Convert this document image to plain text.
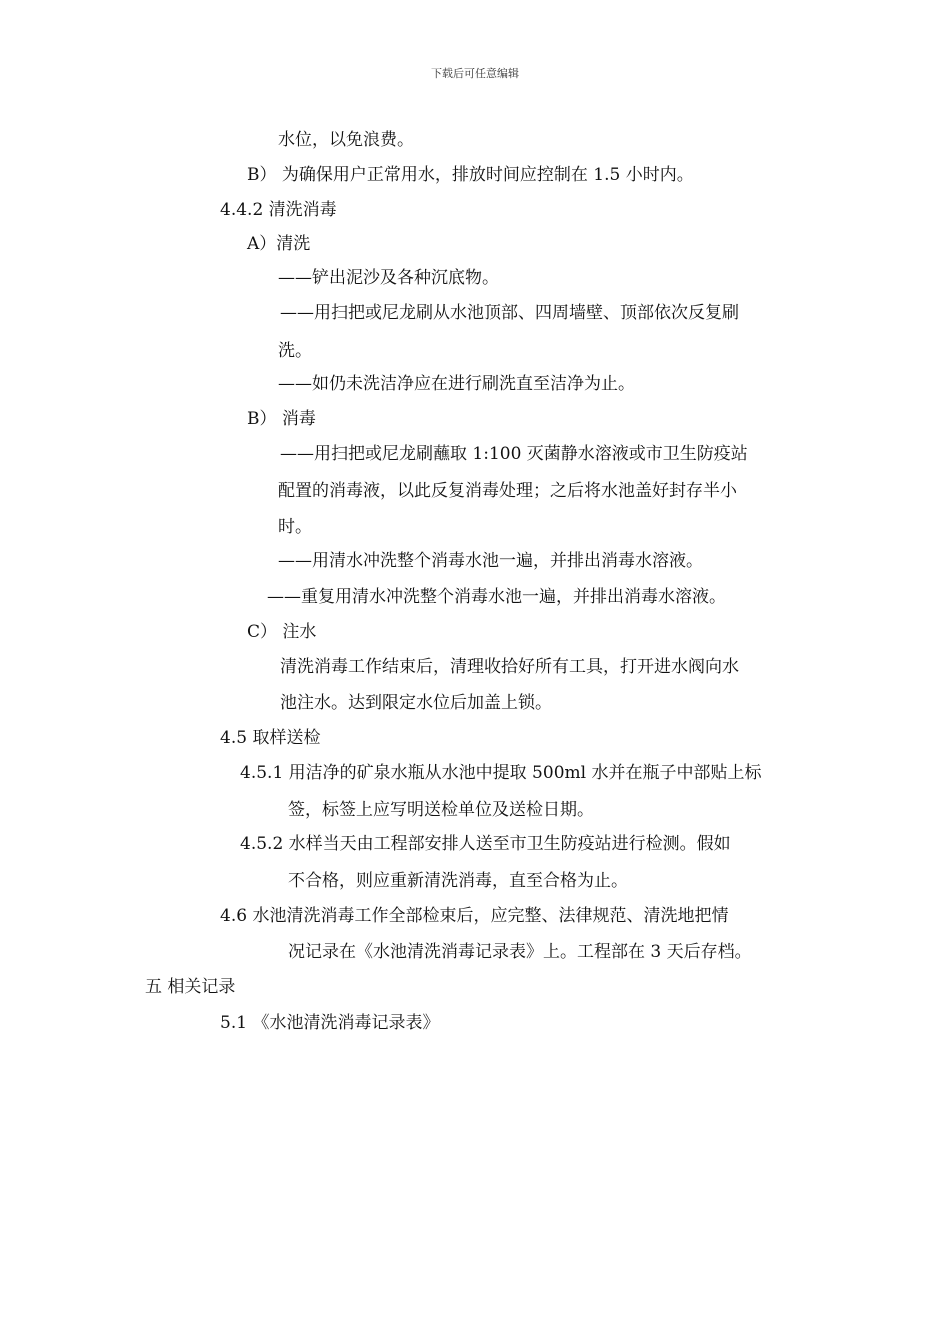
下载后可任意编辑
水位，以免浪费。
B） 为确保用户正常用水，排放时间应控制在 1.5 小时内。
4.4.2 清洗消毒
A）清洗
——铲出泥沙及各种沉底物。
——用扫把或尼龙刷从水池顶部、四周墙壁、顶部依次反复刷
洗。
——如仍未洗洁净应在进行刷洗直至洁净为止。
B） 消毒
——用扫把或尼龙刷蘸取 1:100 灭菌静水溶液或市卫生防疫站
配置的消毒液，以此反复消毒处理；之后将水池盖好封存半小
时。
——用清水冲洗整个消毒水池一遍，并排出消毒水溶液。
——重复用清水冲洗整个消毒水池一遍，并排出消毒水溶液。
C） 注水
清洗消毒工作结束后，清理收拾好所有工具，打开进水阀向水
池注水。达到限定水位后加盖上锁。
4.5 取样送检
4.5.1 用洁净的矿泉水瓶从水池中提取 500ml 水并在瓶子中部贴上标
签，标签上应写明送检单位及送检日期。
4.5.2 水样当天由工程部安排人送至市卫生防疫站进行检测。假如
不合格，则应重新清洗消毒，直至合格为止。
4.6 水池清洗消毒工作全部检束后，应完整、法律规范、清洗地把情
况记录在《水池清洗消毒记录表》上。工程部在 3 天后存档。
五 相关记录
5.1 《水池清洗消毒记录表》
